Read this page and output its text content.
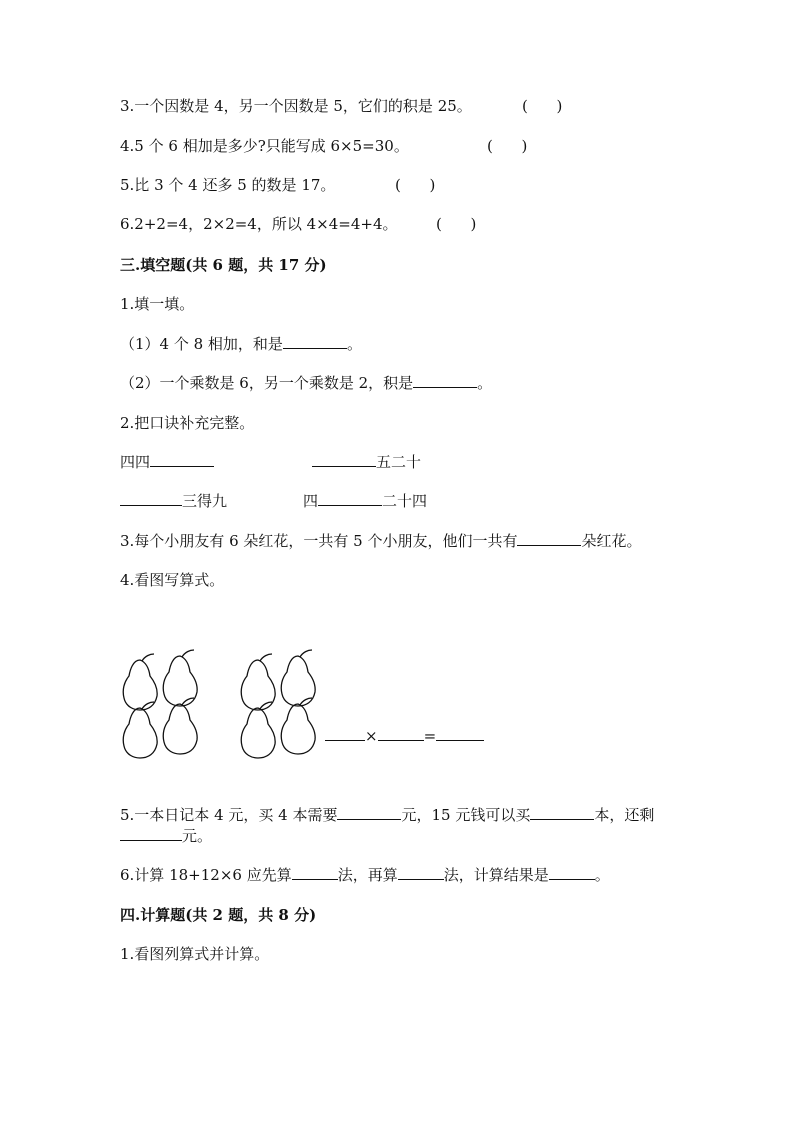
3.一个因数是 4，另一个因数是 5，它们的积是 25。	(      )
4.5 个 6 相加是多少?只能写成 6×5=30。	(      )
5.比 3 个 4 还多 5 的数是 17。	(      )
6.2+2=4，2×2=4，所以 4×4=4+4。	(      )
三.填空题(共 6 题，共 17 分)
1.填一填。
（1）4 个 8 相加，和是	。
（2）一个乘数是 6，另一个乘数是 2，积是	。
2.把口诀补充完整。
四四	五二十
三得九	四	二十四
3.每个小朋友有 6 朵红花，一共有 5 个小朋友，他们一共有	朵红花。
4.看图写算式。
×	=
5.一本日记本 4 元，买 4 本需要	元，15 元钱可以买	本，还剩
元。
6.计算 18+12×6 应先算	法，再算	法，计算结果是	。
四.计算题(共 2 题，共 8 分)
1.看图列算式并计算。
